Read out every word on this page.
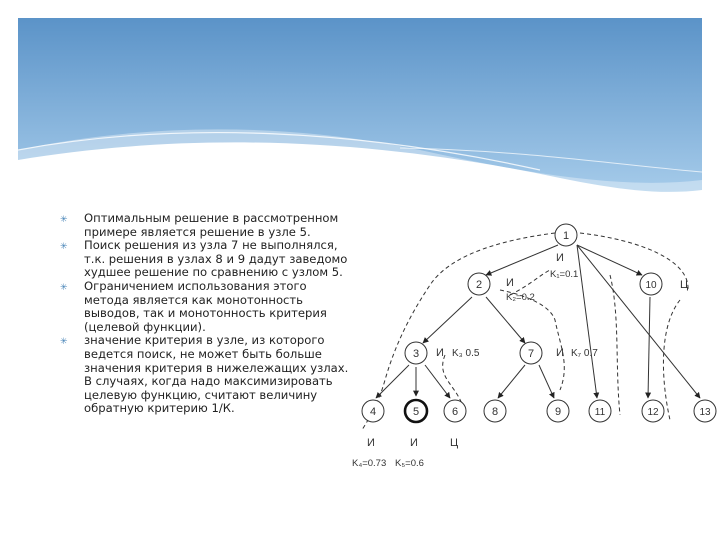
✳ Оптимальным решение в рассмотренном примере является решение в узле 5.
✳ Поиск решения из узла 7 не выполнялся, т.к. решения в узлах 8 и 9 дадут заведомо худшее решение по сравнению с узлом 5.
✳ Ограничением использования этого метода является как монотонность выводов, так и монотонность критерия (целевой функции).
✳ значение критерия в узле, из которого ведется поиск, не может быть больше значения критерия в нижележащих узлах. В случаях, когда надо максимизировать целевую функцию, считают величину обратную критерию 1/К.
1
2	10
3	7
4	5	6	8	9	11	12	13
И
K₁=0.1
И
K₂=0.2
Ц
И K₃ 0.5	И K₇ 0.7
И	И	Ц
K₄=0.73 K₅=0.6
